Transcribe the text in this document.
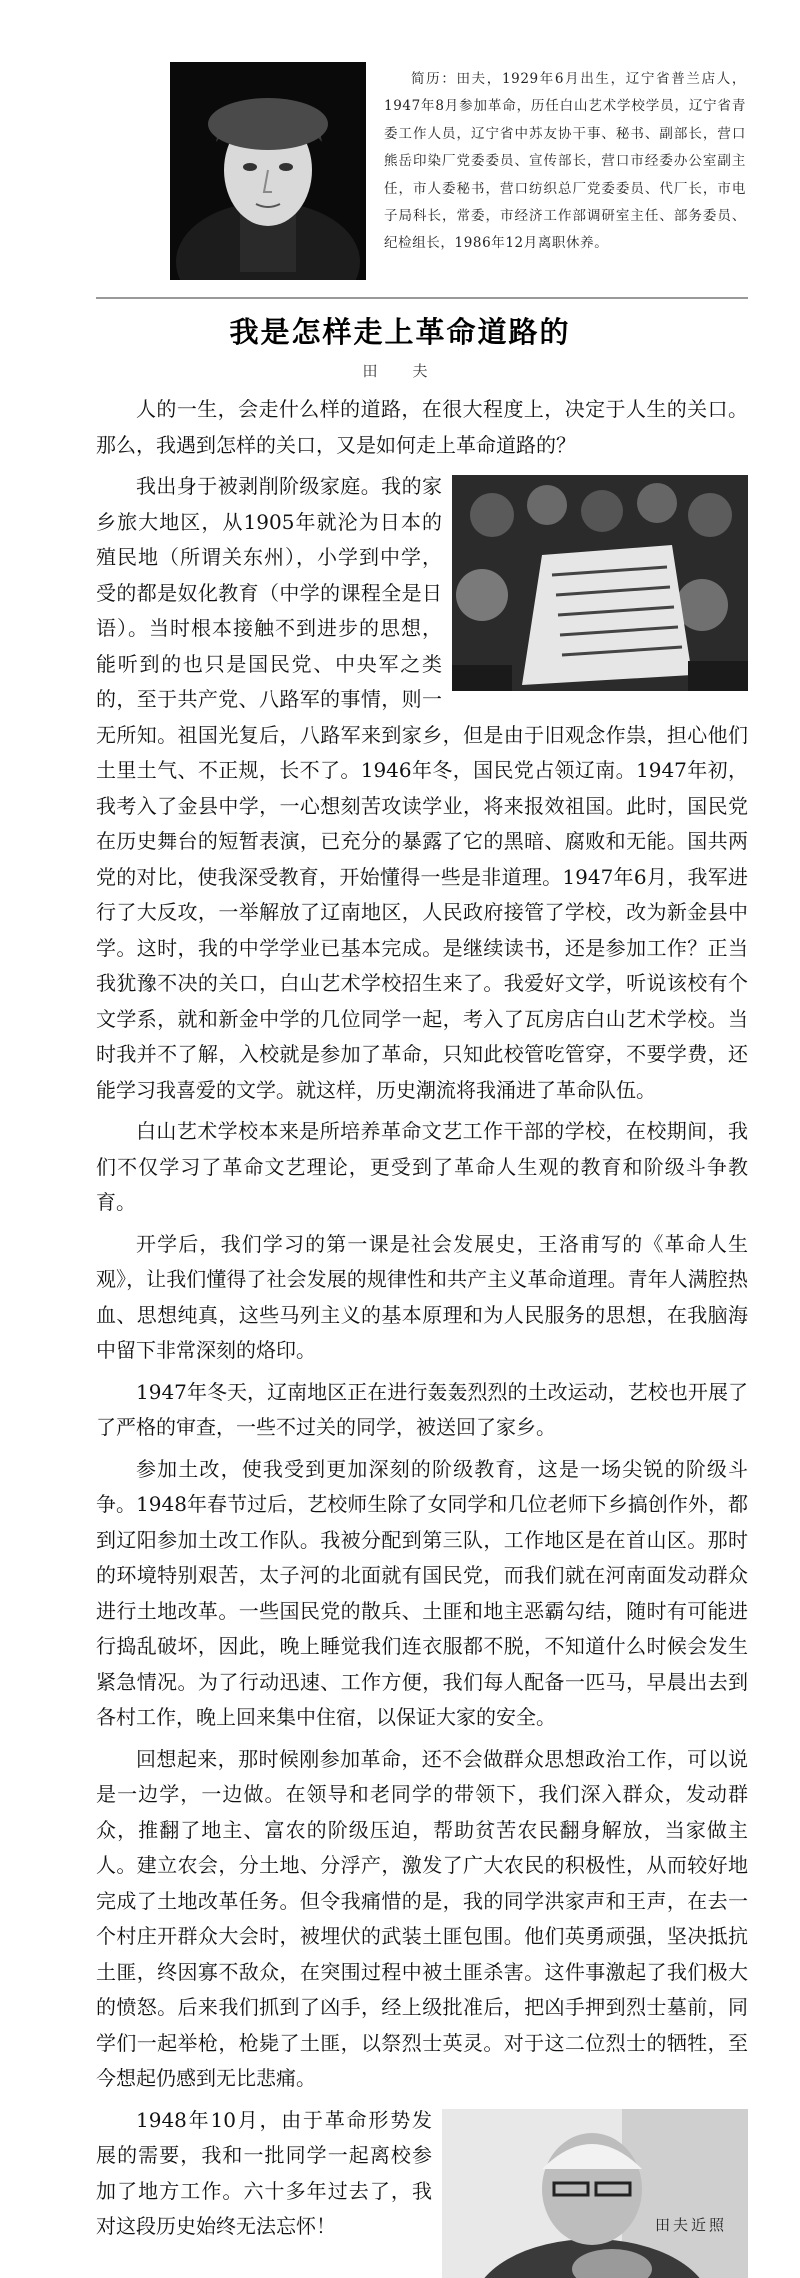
简历：田夫，1929年6月出生，辽宁省普兰店人，1947年8月参加革命，历任白山艺术学校学员，辽宁省青委工作人员，辽宁省中苏友协干事、秘书、副部长，营口熊岳印染厂党委委员、宣传部长，营口市经委办公室副主任，市人委秘书，营口纺织总厂党委委员、代厂长，市电子局科长，常委，市经济工作部调研室主任、部务委员、纪检组长，1986年12月离职休养。
我是怎样走上革命道路的
田　夫

人的一生，会走什么样的道路，在很大程度上，决定于人生的关口。那么，我遇到怎样的关口，又是如何走上革命道路的？

我出身于被剥削阶级家庭。我的家乡旅大地区，从1905年就沦为日本的殖民地（所谓关东州），小学到中学，受的都是奴化教育（中学的课程全是日语）。当时根本接触不到进步的思想，能听到的也只是国民党、中央军之类的，至于共产党、八路军的事情，则一无所知。祖国光复后，八路军来到家乡，但是由于旧观念作祟，担心他们土里土气、不正规，长不了。1946年冬，国民党占领辽南。1947年初，我考入了金县中学，一心想刻苦攻读学业，将来报效祖国。此时，国民党在历史舞台的短暂表演，已充分的暴露了它的黑暗、腐败和无能。国共两党的对比，使我深受教育，开始懂得一些是非道理。1947年6月，我军进行了大反攻，一举解放了辽南地区，人民政府接管了学校，改为新金县中学。这时，我的中学学业已基本完成。是继续读书，还是参加工作？正当我犹豫不决的关口，白山艺术学校招生来了。我爱好文学，听说该校有个文学系，就和新金中学的几位同学一起，考入了瓦房店白山艺术学校。当时我并不了解，入校就是参加了革命，只知此校管吃管穿，不要学费，还能学习我喜爱的文学。就这样，历史潮流将我涌进了革命队伍。

白山艺术学校本来是所培养革命文艺工作干部的学校，在校期间，我们不仅学习了革命文艺理论，更受到了革命人生观的教育和阶级斗争教育。

开学后，我们学习的第一课是社会发展史，王洛甫写的《革命人生观》，让我们懂得了社会发展的规律性和共产主义革命道理。青年人满腔热血、思想纯真，这些马列主义的基本原理和为人民服务的思想，在我脑海中留下非常深刻的烙印。

1947年冬天，辽南地区正在进行轰轰烈烈的土改运动，艺校也开展了了严格的审查，一些不过关的同学，被送回了家乡。

参加土改，使我受到更加深刻的阶级教育，这是一场尖锐的阶级斗争。1948年春节过后，艺校师生除了女同学和几位老师下乡搞创作外，都到辽阳参加土改工作队。我被分配到第三队，工作地区是在首山区。那时的环境特别艰苦，太子河的北面就有国民党，而我们就在河南面发动群众进行土地改革。一些国民党的散兵、土匪和地主恶霸勾结，随时有可能进行捣乱破坏，因此，晚上睡觉我们连衣服都不脱，不知道什么时候会发生紧急情况。为了行动迅速、工作方便，我们每人配备一匹马，早晨出去到各村工作，晚上回来集中住宿，以保证大家的安全。

回想起来，那时候刚参加革命，还不会做群众思想政治工作，可以说是一边学，一边做。在领导和老同学的带领下，我们深入群众，发动群众，推翻了地主、富农的阶级压迫，帮助贫苦农民翻身解放，当家做主人。建立农会，分土地、分浮产，激发了广大农民的积极性，从而较好地完成了土地改革任务。但令我痛惜的是，我的同学洪家声和王声，在去一个村庄开群众大会时，被埋伏的武装土匪包围。他们英勇顽强，坚决抵抗土匪，终因寡不敌众，在突围过程中被土匪杀害。这件事激起了我们极大的愤怒。后来我们抓到了凶手，经上级批准后，把凶手押到烈士墓前，同学们一起举枪，枪毙了土匪，以祭烈士英灵。对于这二位烈士的牺牲，至今想起仍感到无比悲痛。

1948年10月，由于革命形势发展的需要，我和一批同学一起离校参加了地方工作。六十多年过去了，我对这段历史始终无法忘怀！	田夫近照
